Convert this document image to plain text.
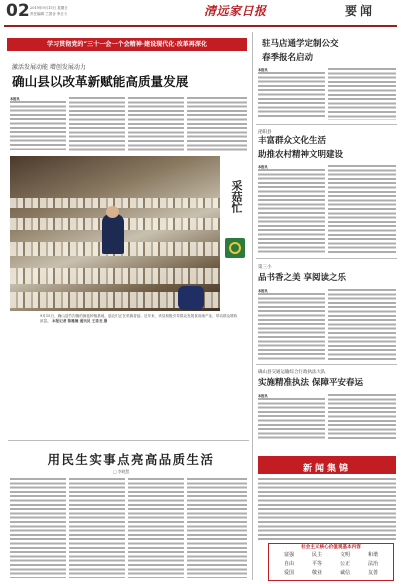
02 2019年9月15日 星期日
责任编辑 兰国谷 李日斗	清远家日报	要闻
学习贯彻党的“三十一会一个会精神·建设现代化·改革再深化
激活发展动能 增创发展动力
确山县以改革新赋能高质量发展
本报讯
采菇忙
9月15日，确山县竹沟镇的菌菇种植基地，菇农们正在采摘香菇。近年来，该县积极引导群众发展食用菌产业，带动群众增收致富。 本报记者 陈雅楠 通讯员 王甫龙 摄
用民生实事点亮高品质生活
□ 李晓慧
驻马店通学定制公交
春季报名启动
本报讯
泌阳县
丰富群众文化生活
助推农村精神文明建设
本报讯
第三小
品书香之美 享阅读之乐
本报讯
确山县交通运输综合行政执法大队
实施精准执法 保障平安春运
本报讯
新闻集锦
社会主义核心价值观基本内容
富强	民主	文明	和谐
自由	平等	公正	法治
爱国	敬业	诚信	友善
